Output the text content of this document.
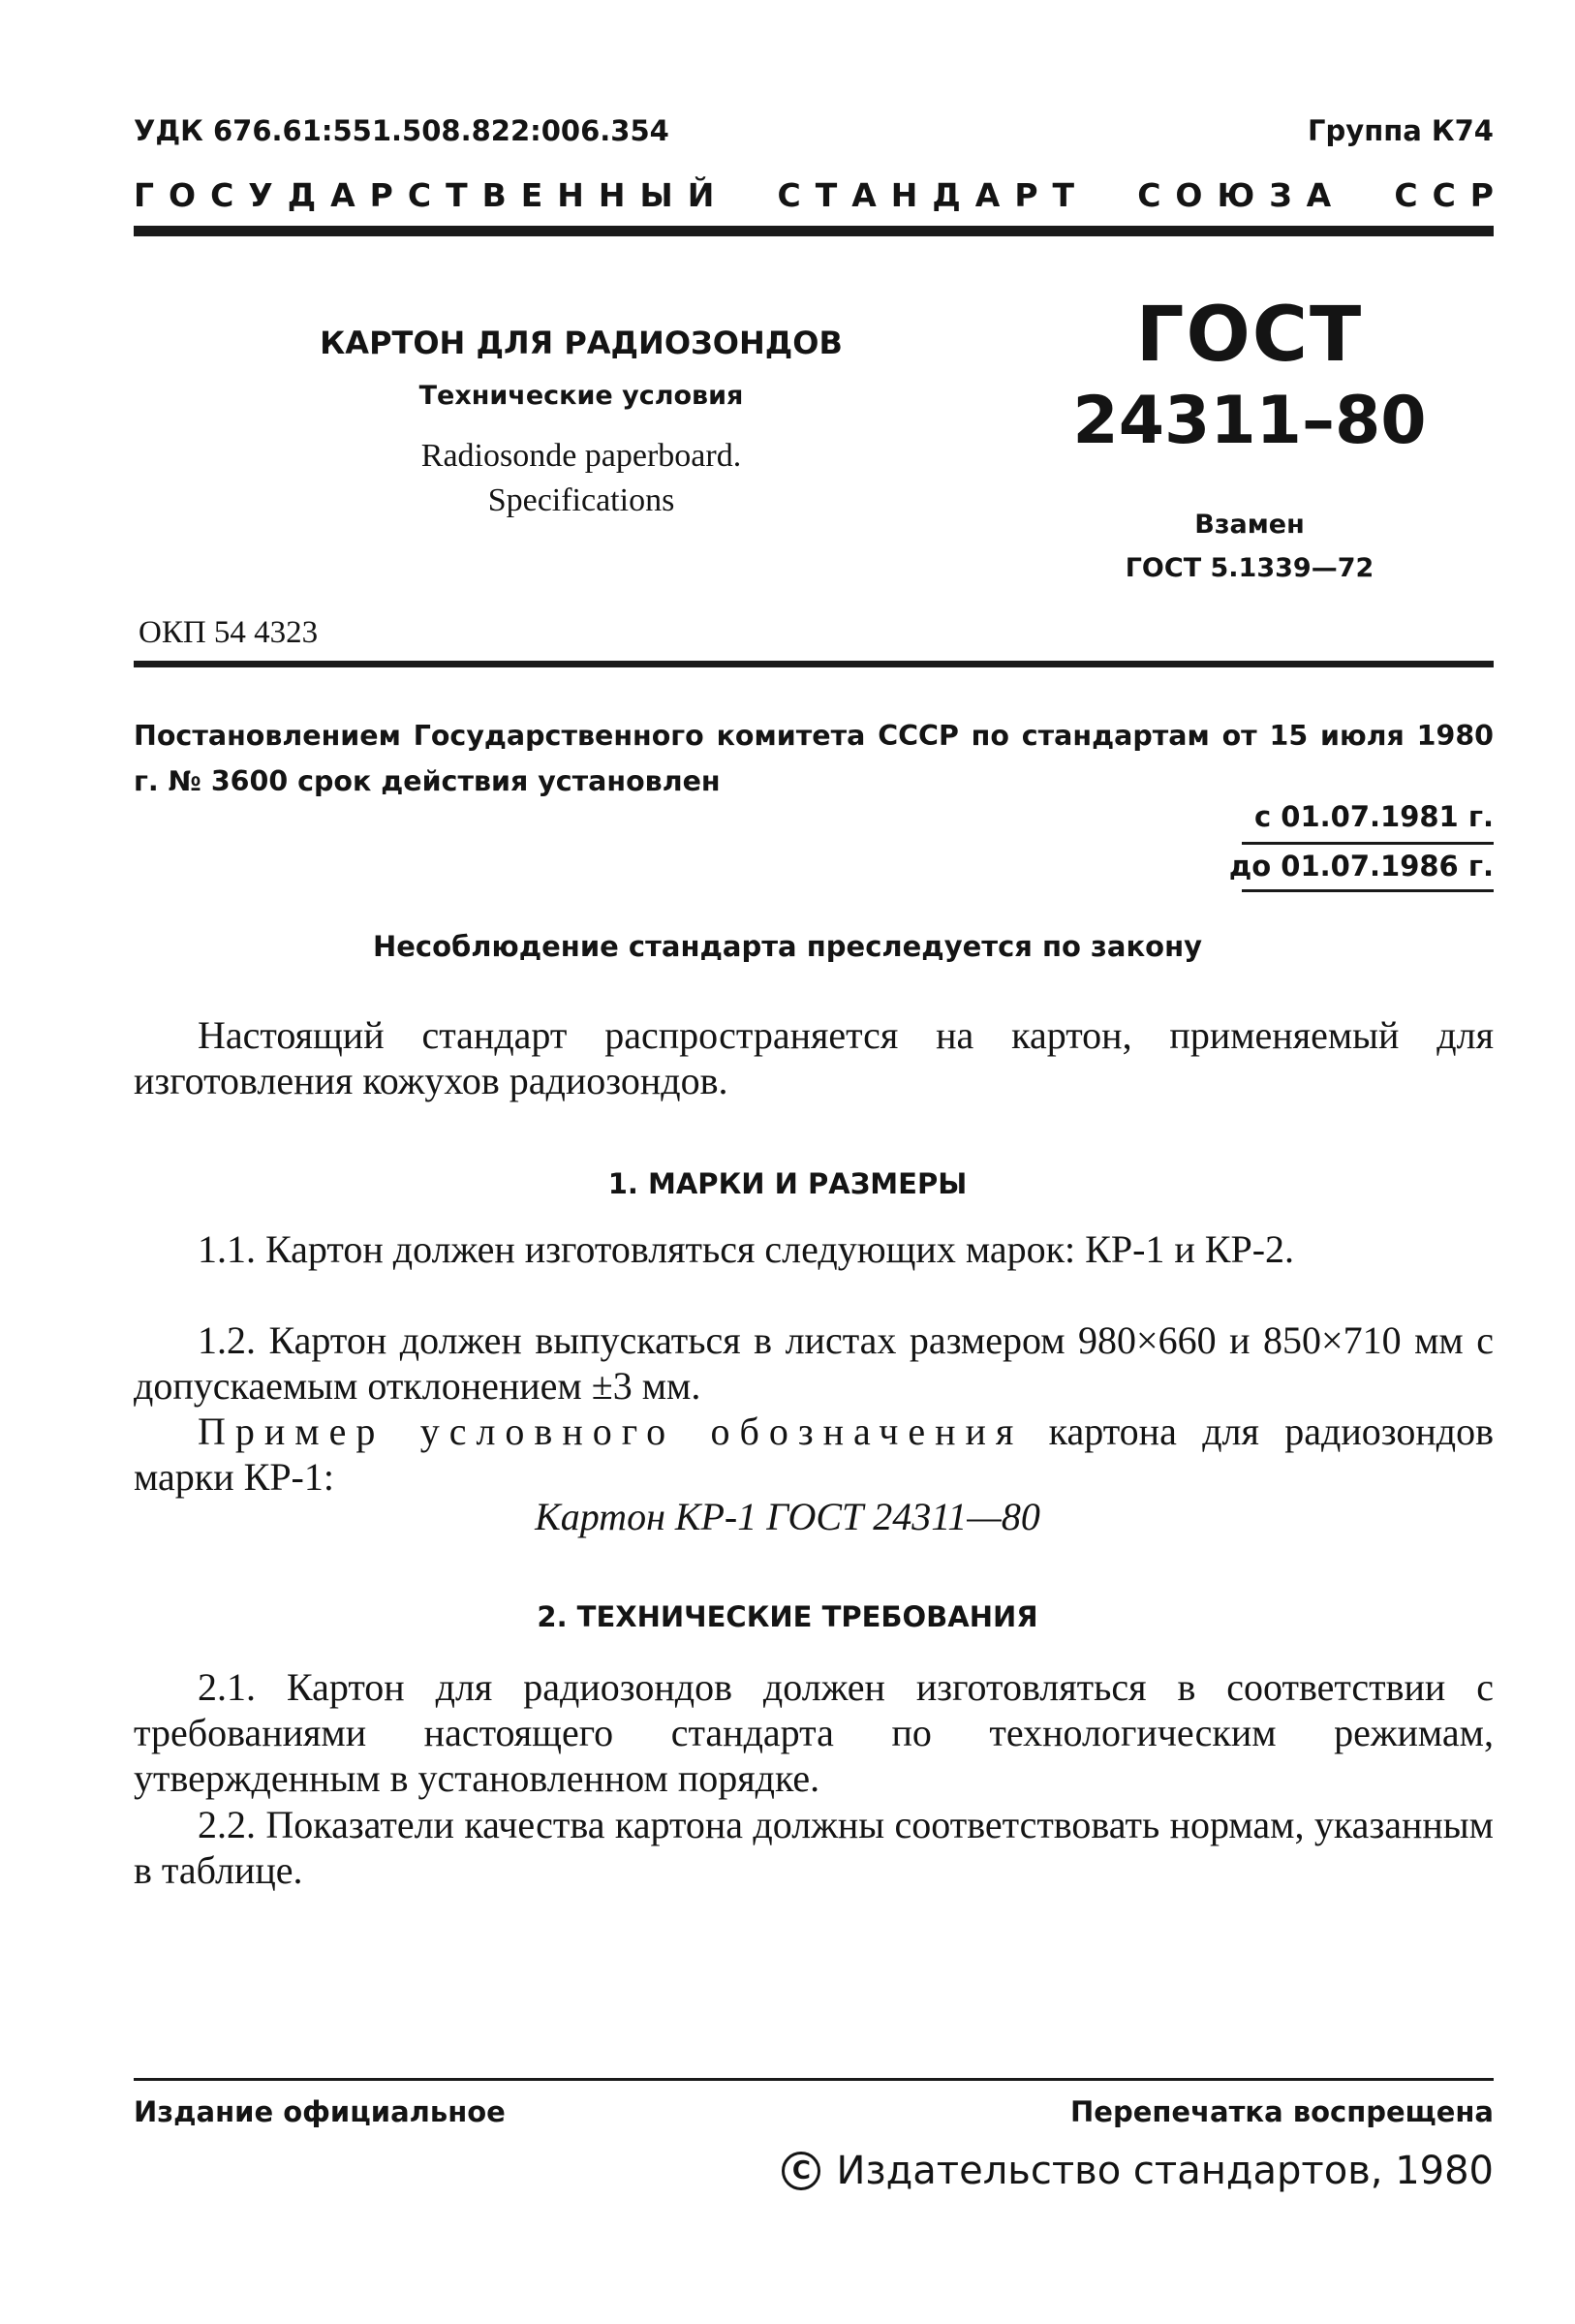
УДК 676.61:551.508.822:006.354	Группа К74
ГОСУДАРСТВЕННЫЙ СТАНДАРТ СОЮЗА ССР
КАРТОН ДЛЯ РАДИОЗОНДОВ
Технические условия
Radiosonde paperboard.
Specifications
ГОСТ
24311–80
Взамен
ГОСТ 5.1339—72
ОКП 54 4323
Постановлением Государственного комитета СССР по стандартам от 15 июля 1980 г. № 3600 срок действия установлен
с 01.07.1981 г.
до 01.07.1986 г.
Несоблюдение стандарта преследуется по закону
Настоящий стандарт распространяется на картон, применяемый для изготовления кожухов радиозондов.
1. МАРКИ И РАЗМЕРЫ
1.1. Картон должен изготовляться следующих марок: КР-1 и КР-2.
1.2. Картон должен выпускаться в листах размером 980×660 и 850×710 мм с допускаемым отклонением ±3 мм.
Пример условного обозначения картона для радиозондов марки КР-1:
Картон КР-1 ГОСТ 24311—80
2. ТЕХНИЧЕСКИЕ ТРЕБОВАНИЯ
2.1. Картон для радиозондов должен изготовляться в соответствии с требованиями настоящего стандарта по технологическим режимам, утвержденным в установленном порядке.
2.2. Показатели качества картона должны соответствовать нормам, указанным в таблице.
Издание официальное	Перепечатка воспрещена
C Издательство стандартов, 1980
